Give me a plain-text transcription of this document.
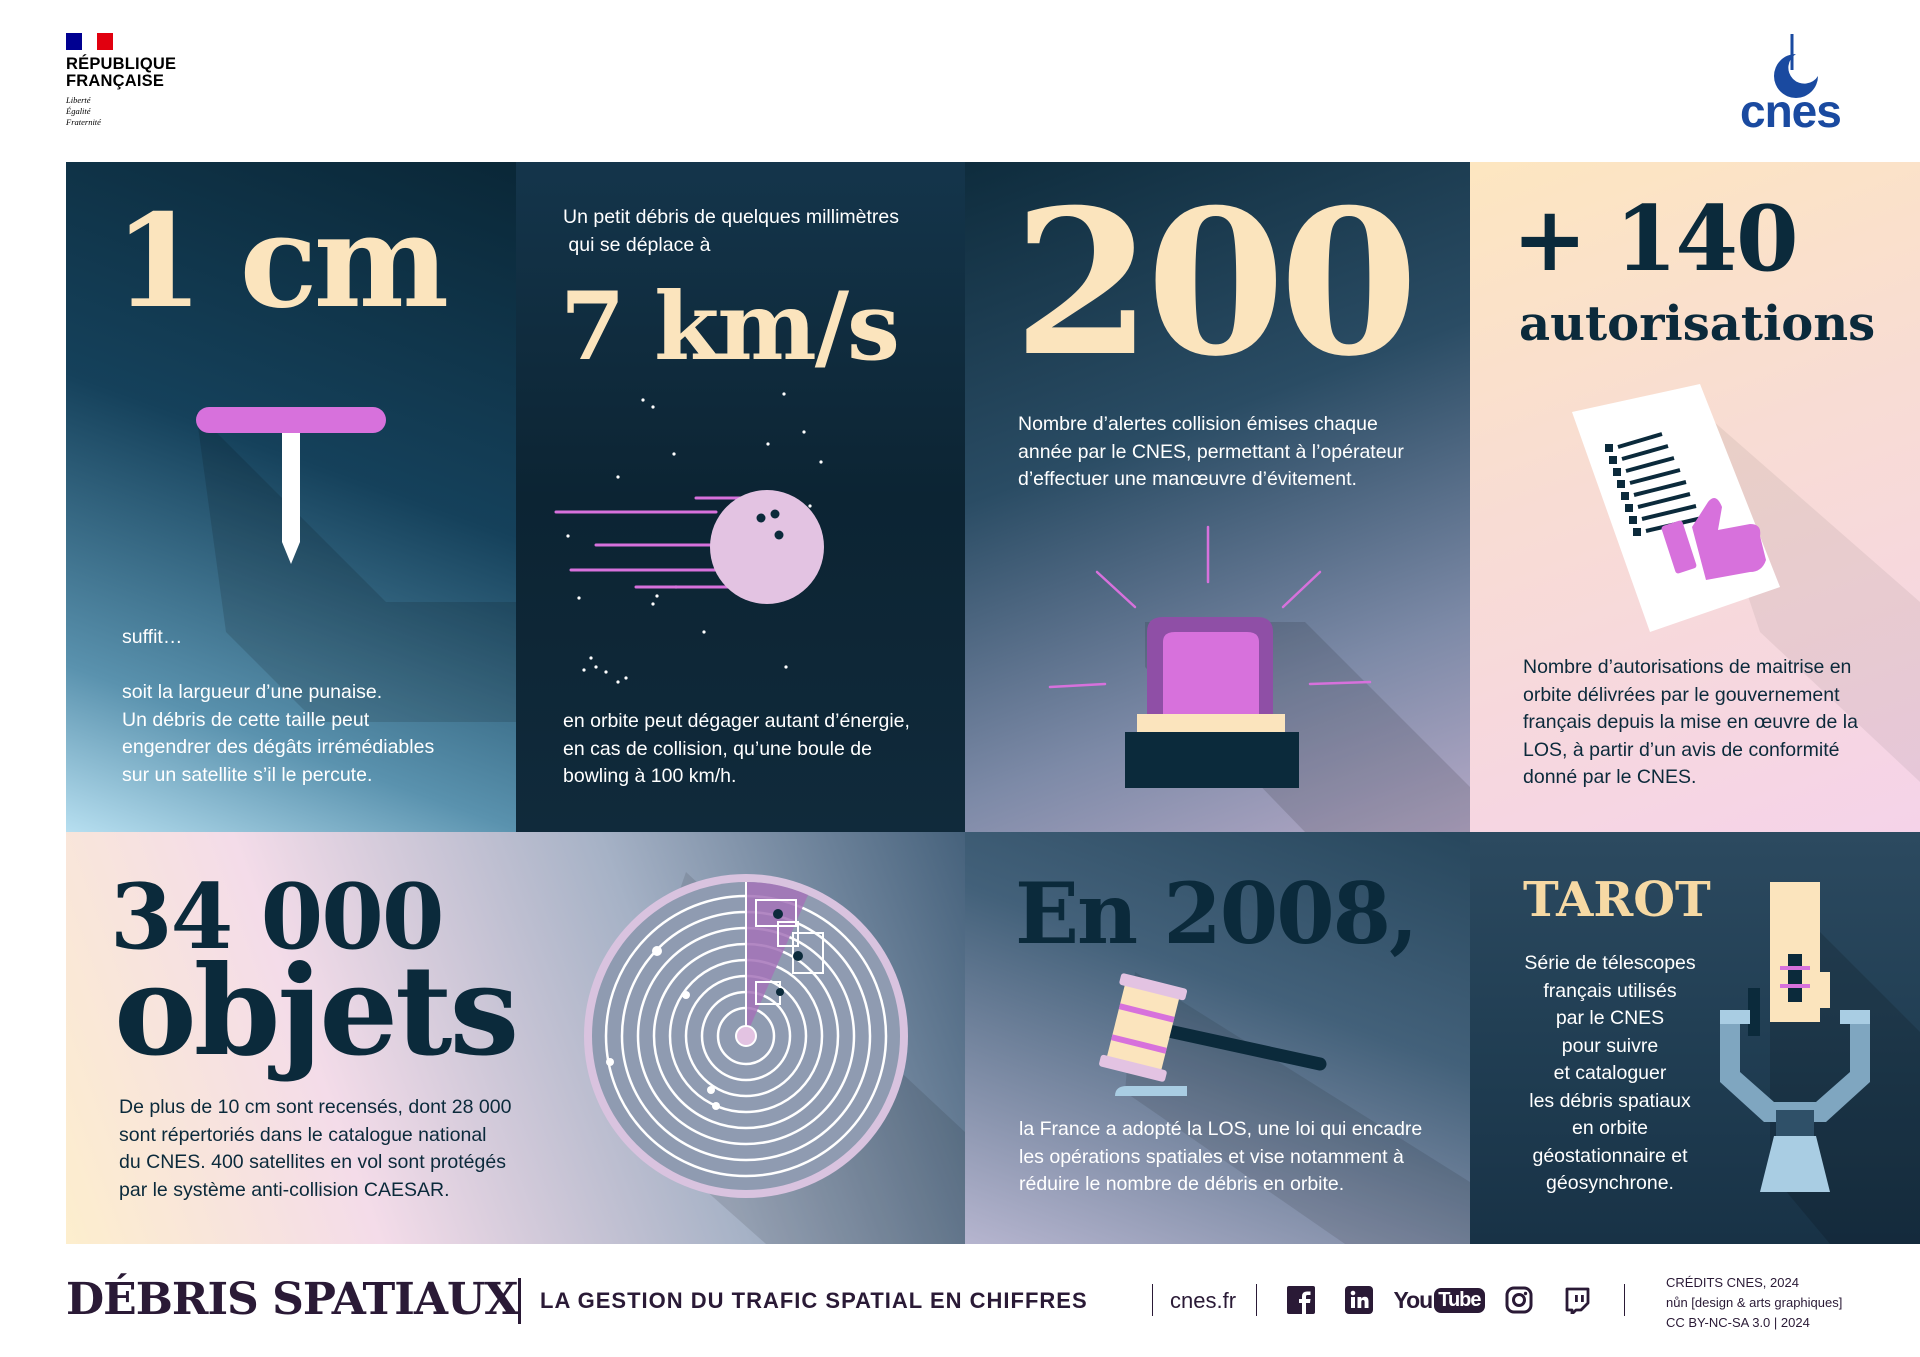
RÉPUBLIQUE
FRANÇAISE
Liberté
Égalité
Fraternité	cnes
1 cm
suffit…
soit la largueur d’une punaise.
Un débris de cette taille peut
engendrer des dégâts irrémédiables
sur un satellite s’il le percute.
Un petit débris de quelques millimètres
qui se déplace à
7 km/s
en orbite peut dégager autant d’énergie,
en cas de collision, qu’une boule de
bowling à 100 km/h.
200
Nombre d’alertes collision émises chaque
année par le CNES, permettant à l’opérateur
d’effectuer une manœuvre d’évitement.
+ 140
autorisations
Nombre d’autorisations de maitrise en
orbite délivrées par le gouvernement
français depuis la mise en œuvre de la
LOS, à partir d’un avis de conformité
donné par le CNES.
34 000
objets
De plus de 10 cm sont recensés, dont 28 000
sont répertoriés dans le catalogue national
du CNES. 400 satellites en vol sont protégés
par le système anti-collision CAESAR.
En 2008,
la France a adopté la LOS, une loi qui encadre
les opérations spatiales et vise notamment à
réduire le nombre de débris en orbite.
TAROT
Série de télescopes
français utilisés
par le CNES
pour suivre
et cataloguer
les débris spatiaux
en orbite
géostationnaire et
géosynchrone.
DÉBRIS SPATIAUX LA GESTION DU TRAFIC SPATIAL EN CHIFFRES	cnes.fr	You Tube
CRÉDITS CNES, 2024
nůn [design & arts graphiques]
CC BY-NC-SA 3.0 | 2024
